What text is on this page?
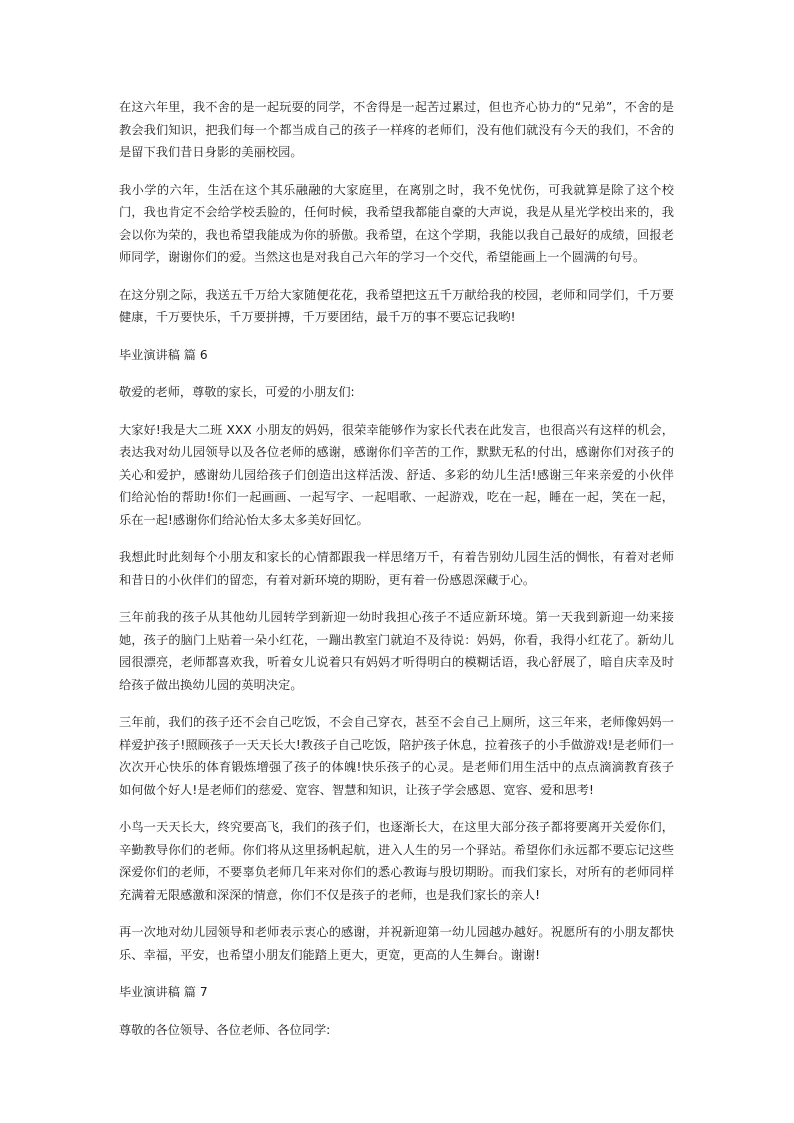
在这六年里，我不舍的是一起玩耍的同学，不舍得是一起苦过累过，但也齐心协力的“兄弟”，不舍的是教会我们知识，把我们每一个都当成自己的孩子一样疼的老师们，没有他们就没有今天的我们，不舍的是留下我们昔日身影的美丽校园。

我小学的六年，生活在这个其乐融融的大家庭里，在离别之时，我不免忧伤，可我就算是除了这个校门，我也肯定不会给学校丢脸的，任何时候，我希望我都能自豪的大声说，我是从星光学校出来的，我会以你为荣的，我也希望我能成为你的骄傲。我希望，在这个学期，我能以我自己最好的成绩，回报老师同学，谢谢你们的爱。当然这也是对我自己六年的学习一个交代，希望能画上一个圆满的句号。

在这分别之际，我送五千万给大家随便花花，我希望把这五千万献给我的校园，老师和同学们，千万要健康，千万要快乐，千万要拼搏，千万要团结，最千万的事不要忘记我哟!

毕业演讲稿 篇 6

敬爱的老师，尊敬的家长，可爱的小朋友们:

大家好!我是大二班 XXX 小朋友的妈妈，很荣幸能够作为家长代表在此发言，也很高兴有这样的机会，表达我对幼儿园领导以及各位老师的感谢，感谢你们辛苦的工作，默默无私的付出，感谢你们对孩子的关心和爱护，感谢幼儿园给孩子们创造出这样活泼、舒适、多彩的幼儿生活!感谢三年来亲爱的小伙伴们给沁怡的帮助!你们一起画画、一起写字、一起唱歌、一起游戏，吃在一起，睡在一起，笑在一起，乐在一起!感谢你们给沁怡太多太多美好回忆。

我想此时此刻每个小朋友和家长的心情都跟我一样思绪万千，有着告别幼儿园生活的惆怅，有着对老师和昔日的小伙伴们的留恋，有着对新环境的期盼，更有着一份感恩深藏于心。

三年前我的孩子从其他幼儿园转学到新迎一幼时我担心孩子不适应新环境。第一天我到新迎一幼来接她，孩子的脑门上贴着一朵小红花，一蹦出教室门就迫不及待说：妈妈，你看，我得小红花了。新幼儿园很漂亮，老师都喜欢我，听着女儿说着只有妈妈才听得明白的模糊话语，我心舒展了，暗自庆幸及时给孩子做出换幼儿园的英明决定。

三年前，我们的孩子还不会自己吃饭，不会自己穿衣，甚至不会自己上厕所，这三年来，老师像妈妈一样爱护孩子!照顾孩子一天天长大!教孩子自己吃饭，陪护孩子休息，拉着孩子的小手做游戏!是老师们一次次开心快乐的体育锻炼增强了孩子的体魄!快乐孩子的心灵。是老师们用生活中的点点滴滴教育孩子如何做个好人!是老师们的慈爱、宽容、智慧和知识，让孩子学会感恩、宽容、爱和思考!

小鸟一天天长大，终究要高飞，我们的孩子们，也逐渐长大，在这里大部分孩子都将要离开关爱你们，辛勤教导你们的老师。你们将从这里扬帆起航，进入人生的另一个驿站。希望你们永远都不要忘记这些深爱你们的老师，不要辜负老师几年来对你们的悉心教诲与殷切期盼。而我们家长，对所有的老师同样充满着无限感激和深深的情意，你们不仅是孩子的老师，也是我们家长的亲人!

再一次地对幼儿园领导和老师表示衷心的感谢，并祝新迎第一幼儿园越办越好。祝愿所有的小朋友都快乐、幸福，平安，也希望小朋友们能踏上更大，更宽，更高的人生舞台。谢谢!

毕业演讲稿 篇 7

尊敬的各位领导、各位老师、各位同学:
